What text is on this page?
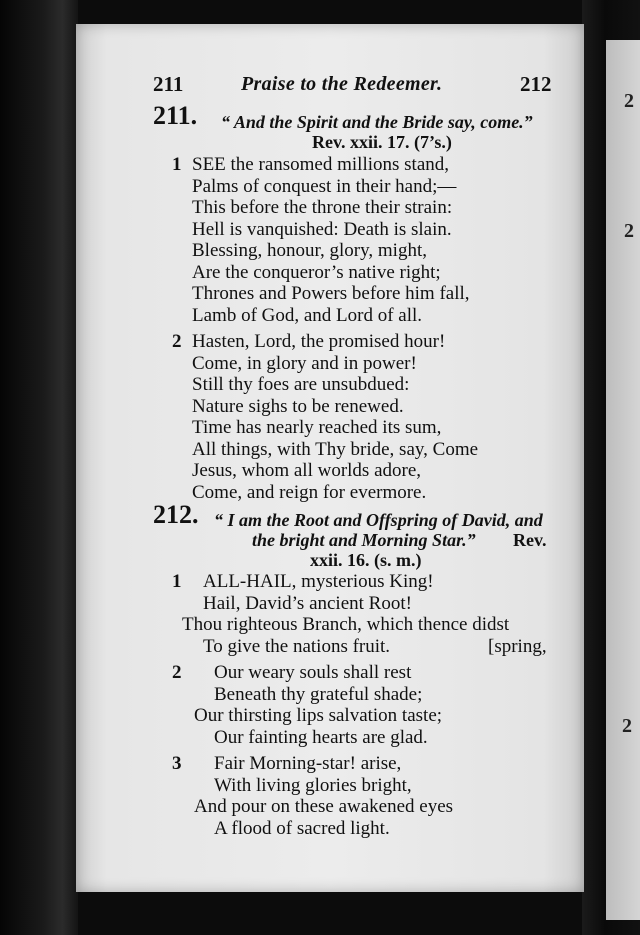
2
2
2
211	Praise to the Redeemer.	212
211. “ And the Spirit and the Bride say, come.”
Rev. xxii. 17. (7’s.)
1 SEE the ransomed millions stand,
Palms of conquest in their hand;—
This before the throne their strain:
Hell is vanquished: Death is slain.
Blessing, honour, glory, might,
Are the conqueror’s native right;
Thrones and Powers before him fall,
Lamb of God, and Lord of all.
2 Hasten, Lord, the promised hour!
Come, in glory and in power!
Still thy foes are unsubdued:
Nature sighs to be renewed.
Time has nearly reached its sum,
All things, with Thy bride, say, Come
Jesus, whom all worlds adore,
Come, and reign for evermore.
212. “ I am the Root and Offspring of David, and
the bright and Morning Star.” Rev.
xxii. 16. (s. m.)
1 ALL-HAIL, mysterious King!
Hail, David’s ancient Root!
Thou righteous Branch, which thence didst
To give the nations fruit.	[spring,
2 Our weary souls shall rest
Beneath thy grateful shade;
Our thirsting lips salvation taste;
Our fainting hearts are glad.
3 Fair Morning-star! arise,
With living glories bright,
And pour on these awakened eyes
A flood of sacred light.
